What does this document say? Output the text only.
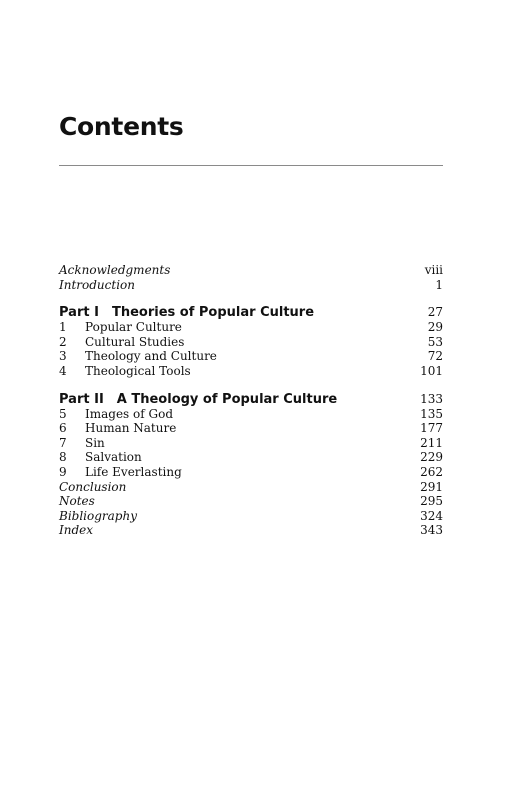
Contents
Acknowledgments	viii
Introduction	1
Part I Theories of Popular Culture	27
1	Popular Culture	29
2	Cultural Studies	53
3	Theology and Culture	72
4	Theological Tools	101
Part II A Theology of Popular Culture	133
5	Images of God	135
6	Human Nature	177
7	Sin	211
8	Salvation	229
9	Life Everlasting	262
Conclusion	291
Notes	295
Bibliography	324
Index	343
